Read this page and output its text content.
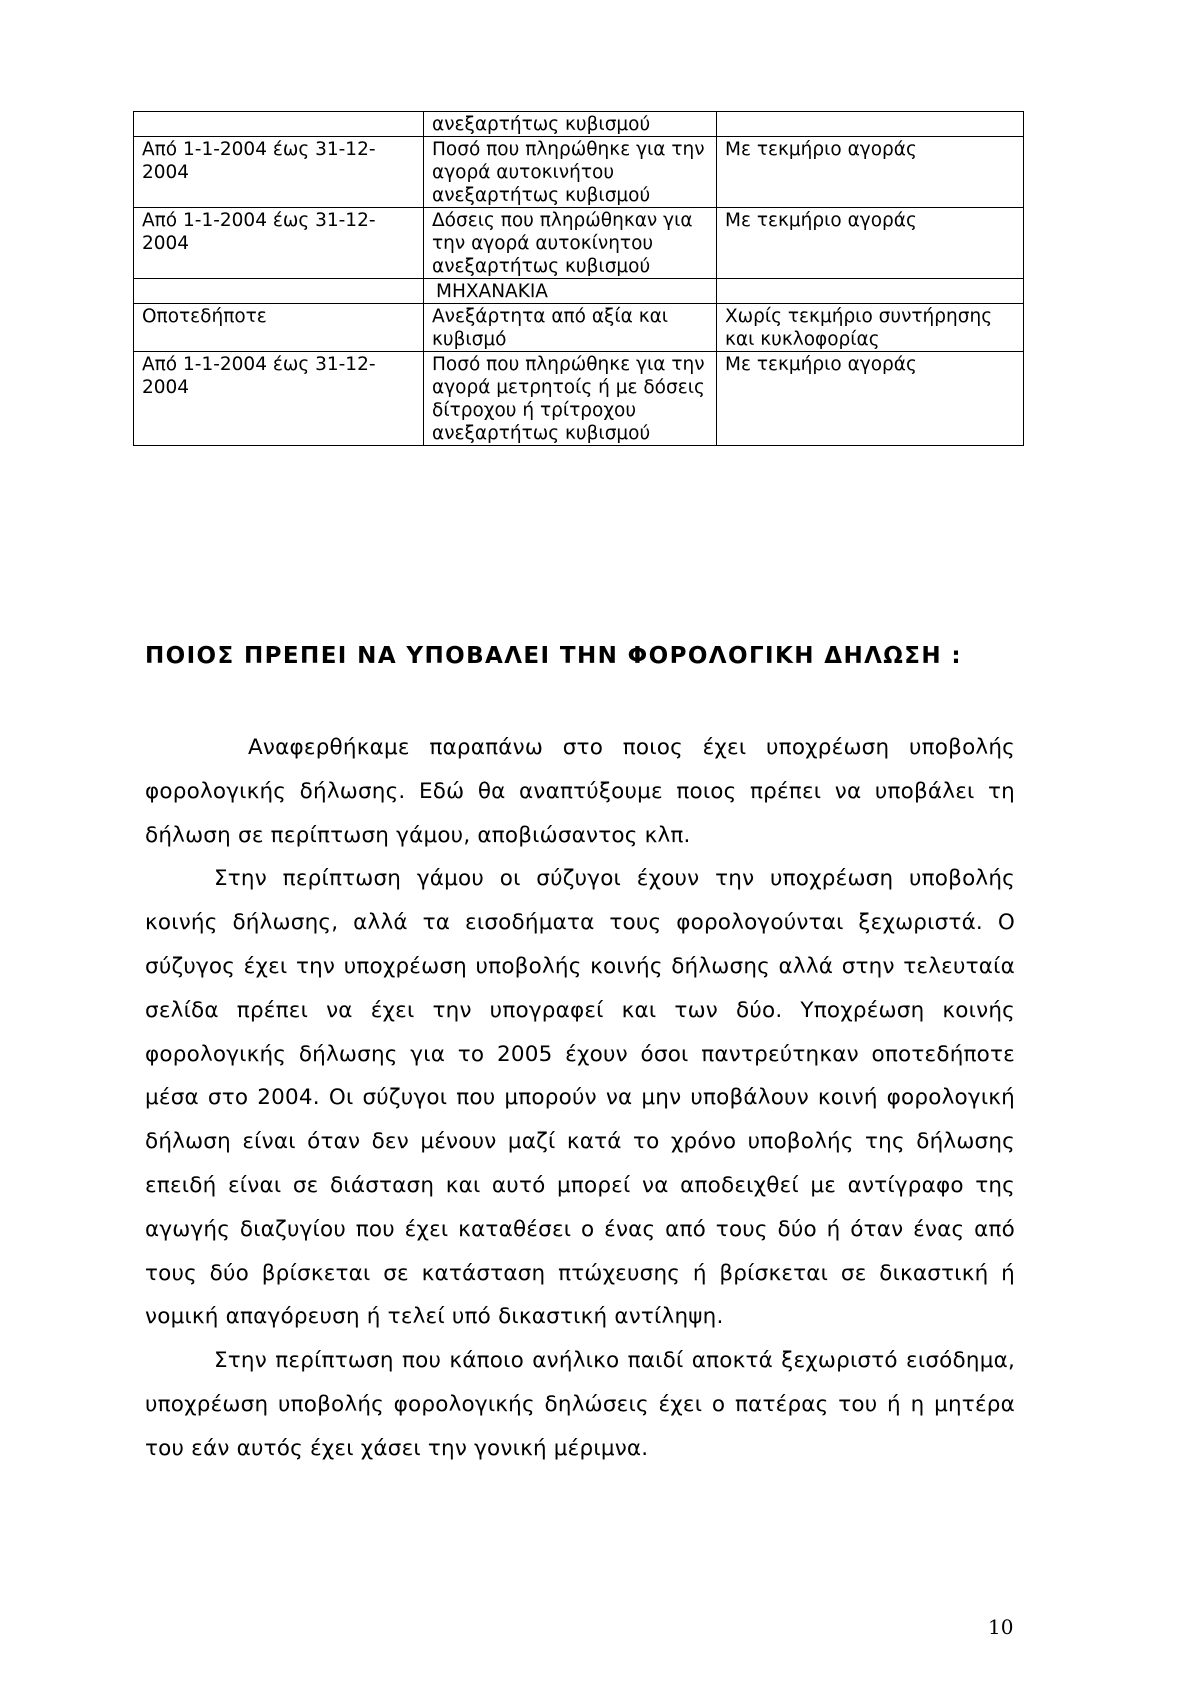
	ανεξαρτήτως κυβισμού	
Από 1-1-2004 έως 31-12-2004	Ποσό που πληρώθηκε για την αγορά αυτοκινήτου ανεξαρτήτως κυβισμού	Με τεκμήριο αγοράς
Από 1-1-2004 έως 31-12-2004	Δόσεις που πληρώθηκαν για την αγορά αυτοκίνητου ανεξαρτήτως κυβισμού	Με τεκμήριο αγοράς
	ΜΗΧΑΝΑΚΙΑ	
Οποτεδήποτε	Ανεξάρτητα από αξία και κυβισμό	Χωρίς τεκμήριο συντήρησης και κυκλοφορίας
Από 1-1-2004 έως 31-12-2004	Ποσό που πληρώθηκε για την αγορά μετρητοίς ή με δόσεις δίτροχου ή τρίτροχου ανεξαρτήτως κυβισμού	Με τεκμήριο αγοράς
ΠΟΙΟΣ ΠΡΕΠΕΙ ΝΑ ΥΠΟΒΑΛΕΙ ΤΗΝ ΦΟΡΟΛΟΓΙΚΗ ΔΗΛΩΣΗ :

Αναφερθήκαμε παραπάνω στο ποιος έχει υποχρέωση υποβολής φορολογικής δήλωσης. Εδώ θα αναπτύξουμε ποιος πρέπει να υποβάλει τη δήλωση σε περίπτωση γάμου, αποβιώσαντος κλπ.

Στην περίπτωση γάμου οι σύζυγοι έχουν την υποχρέωση υποβολής κοινής δήλωσης, αλλά τα εισοδήματα τους φορολογούνται ξεχωριστά. Ο σύζυγος έχει την υποχρέωση υποβολής κοινής δήλωσης αλλά στην τελευταία σελίδα πρέπει να έχει την υπογραφεί και των δύο. Υποχρέωση κοινής φορολογικής δήλωσης για το 2005 έχουν όσοι παντρεύτηκαν οποτεδήποτε μέσα στο 2004. Οι σύζυγοι που μπορούν να μην υποβάλουν κοινή φορολογική δήλωση είναι όταν δεν μένουν μαζί κατά το χρόνο υποβολής της δήλωσης επειδή είναι σε διάσταση και αυτό μπορεί να αποδειχθεί με αντίγραφο της αγωγής διαζυγίου που έχει καταθέσει ο ένας από τους δύο ή όταν ένας από τους δύο βρίσκεται σε κατάσταση πτώχευσης ή βρίσκεται σε δικαστική ή νομική απαγόρευση ή τελεί υπό δικαστική αντίληψη.

Στην περίπτωση που κάποιο ανήλικο παιδί αποκτά ξεχωριστό εισόδημα, υποχρέωση υποβολής φορολογικής δηλώσεις έχει ο πατέρας του ή η μητέρα του εάν αυτός έχει χάσει την γονική μέριμνα.

10
